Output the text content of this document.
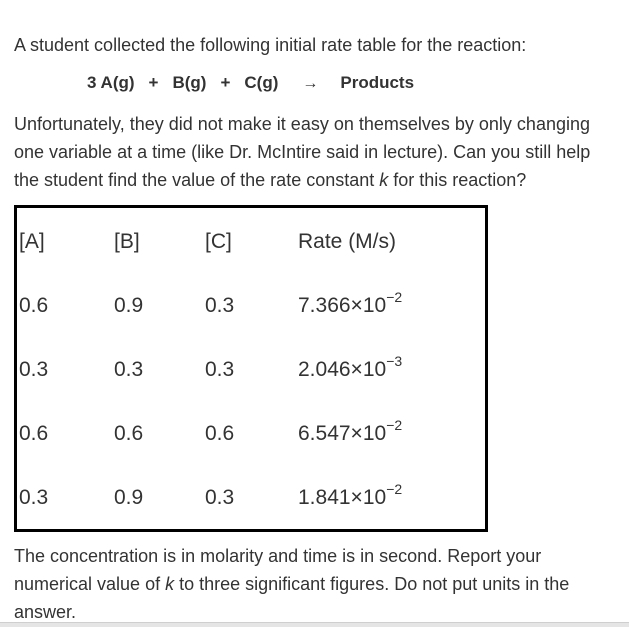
A student collected the following initial rate table for the reaction:
3 A(g) + B(g) + C(g) → Products
Unfortunately, they did not make it easy on themselves by only changing
one variable at a time (like Dr. McIntire said in lecture). Can you still help
the student find the value of the rate constant k for this reaction?
[A]	[B]	[C]	Rate (M/s)
0.6	0.9	0.3	$7.366\times 10^{-2}$
0.3	0.3	0.3	$2.046\times 10^{-3}$
0.6	0.6	0.6	$6.547\times 10^{-2}$
0.3	0.9	0.3	$1.841\times 10^{-2}$
The concentration is in molarity and time is in second. Report your
numerical value of k to three significant figures. Do not put units in the
answer.
